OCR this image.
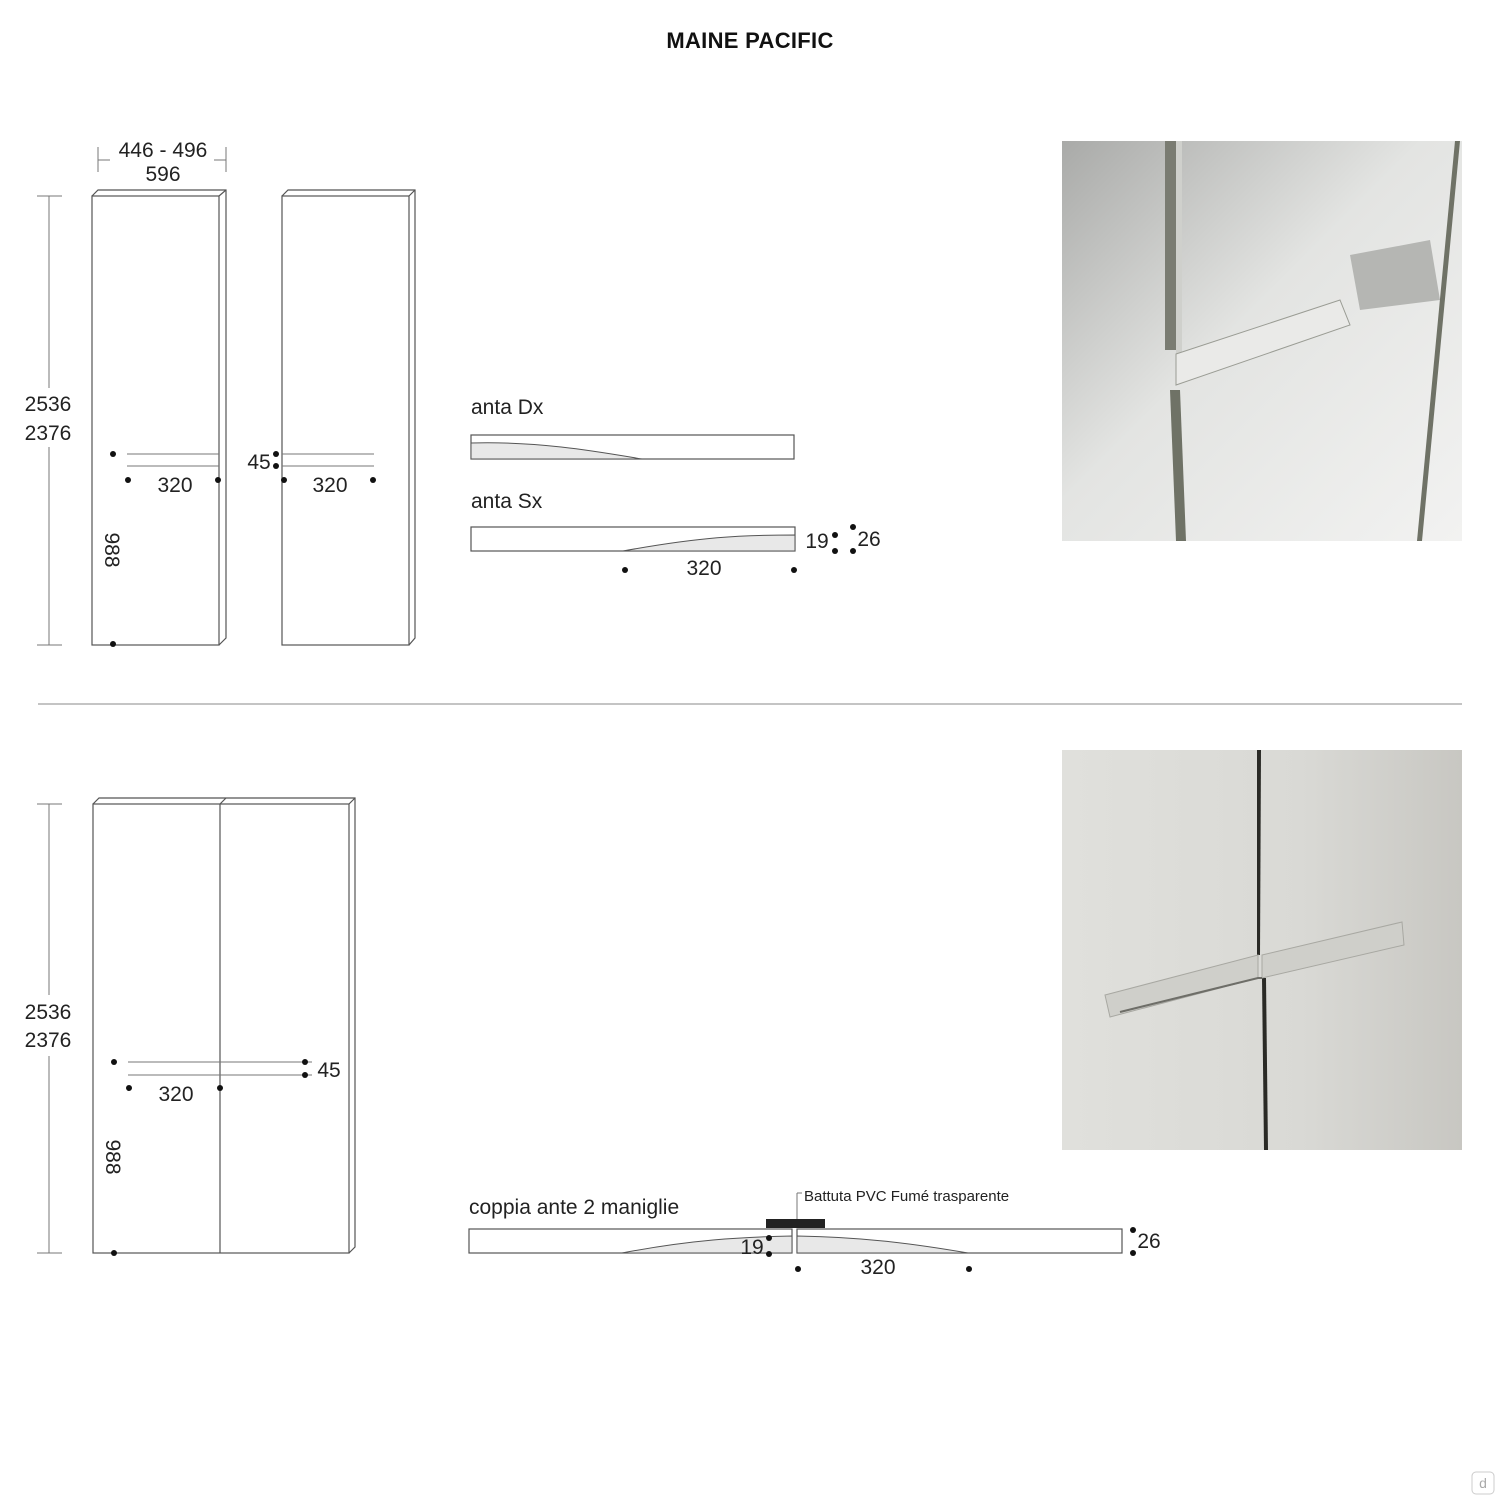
MAINE PACIFIC
446 - 496
596
2536
2376
320
988
45
320
anta Dx
anta Sx
320
19 26
2536
2376
320
45
988
coppia ante 2 maniglie	Battuta PVC Fumé trasparente
19
320
26
d
